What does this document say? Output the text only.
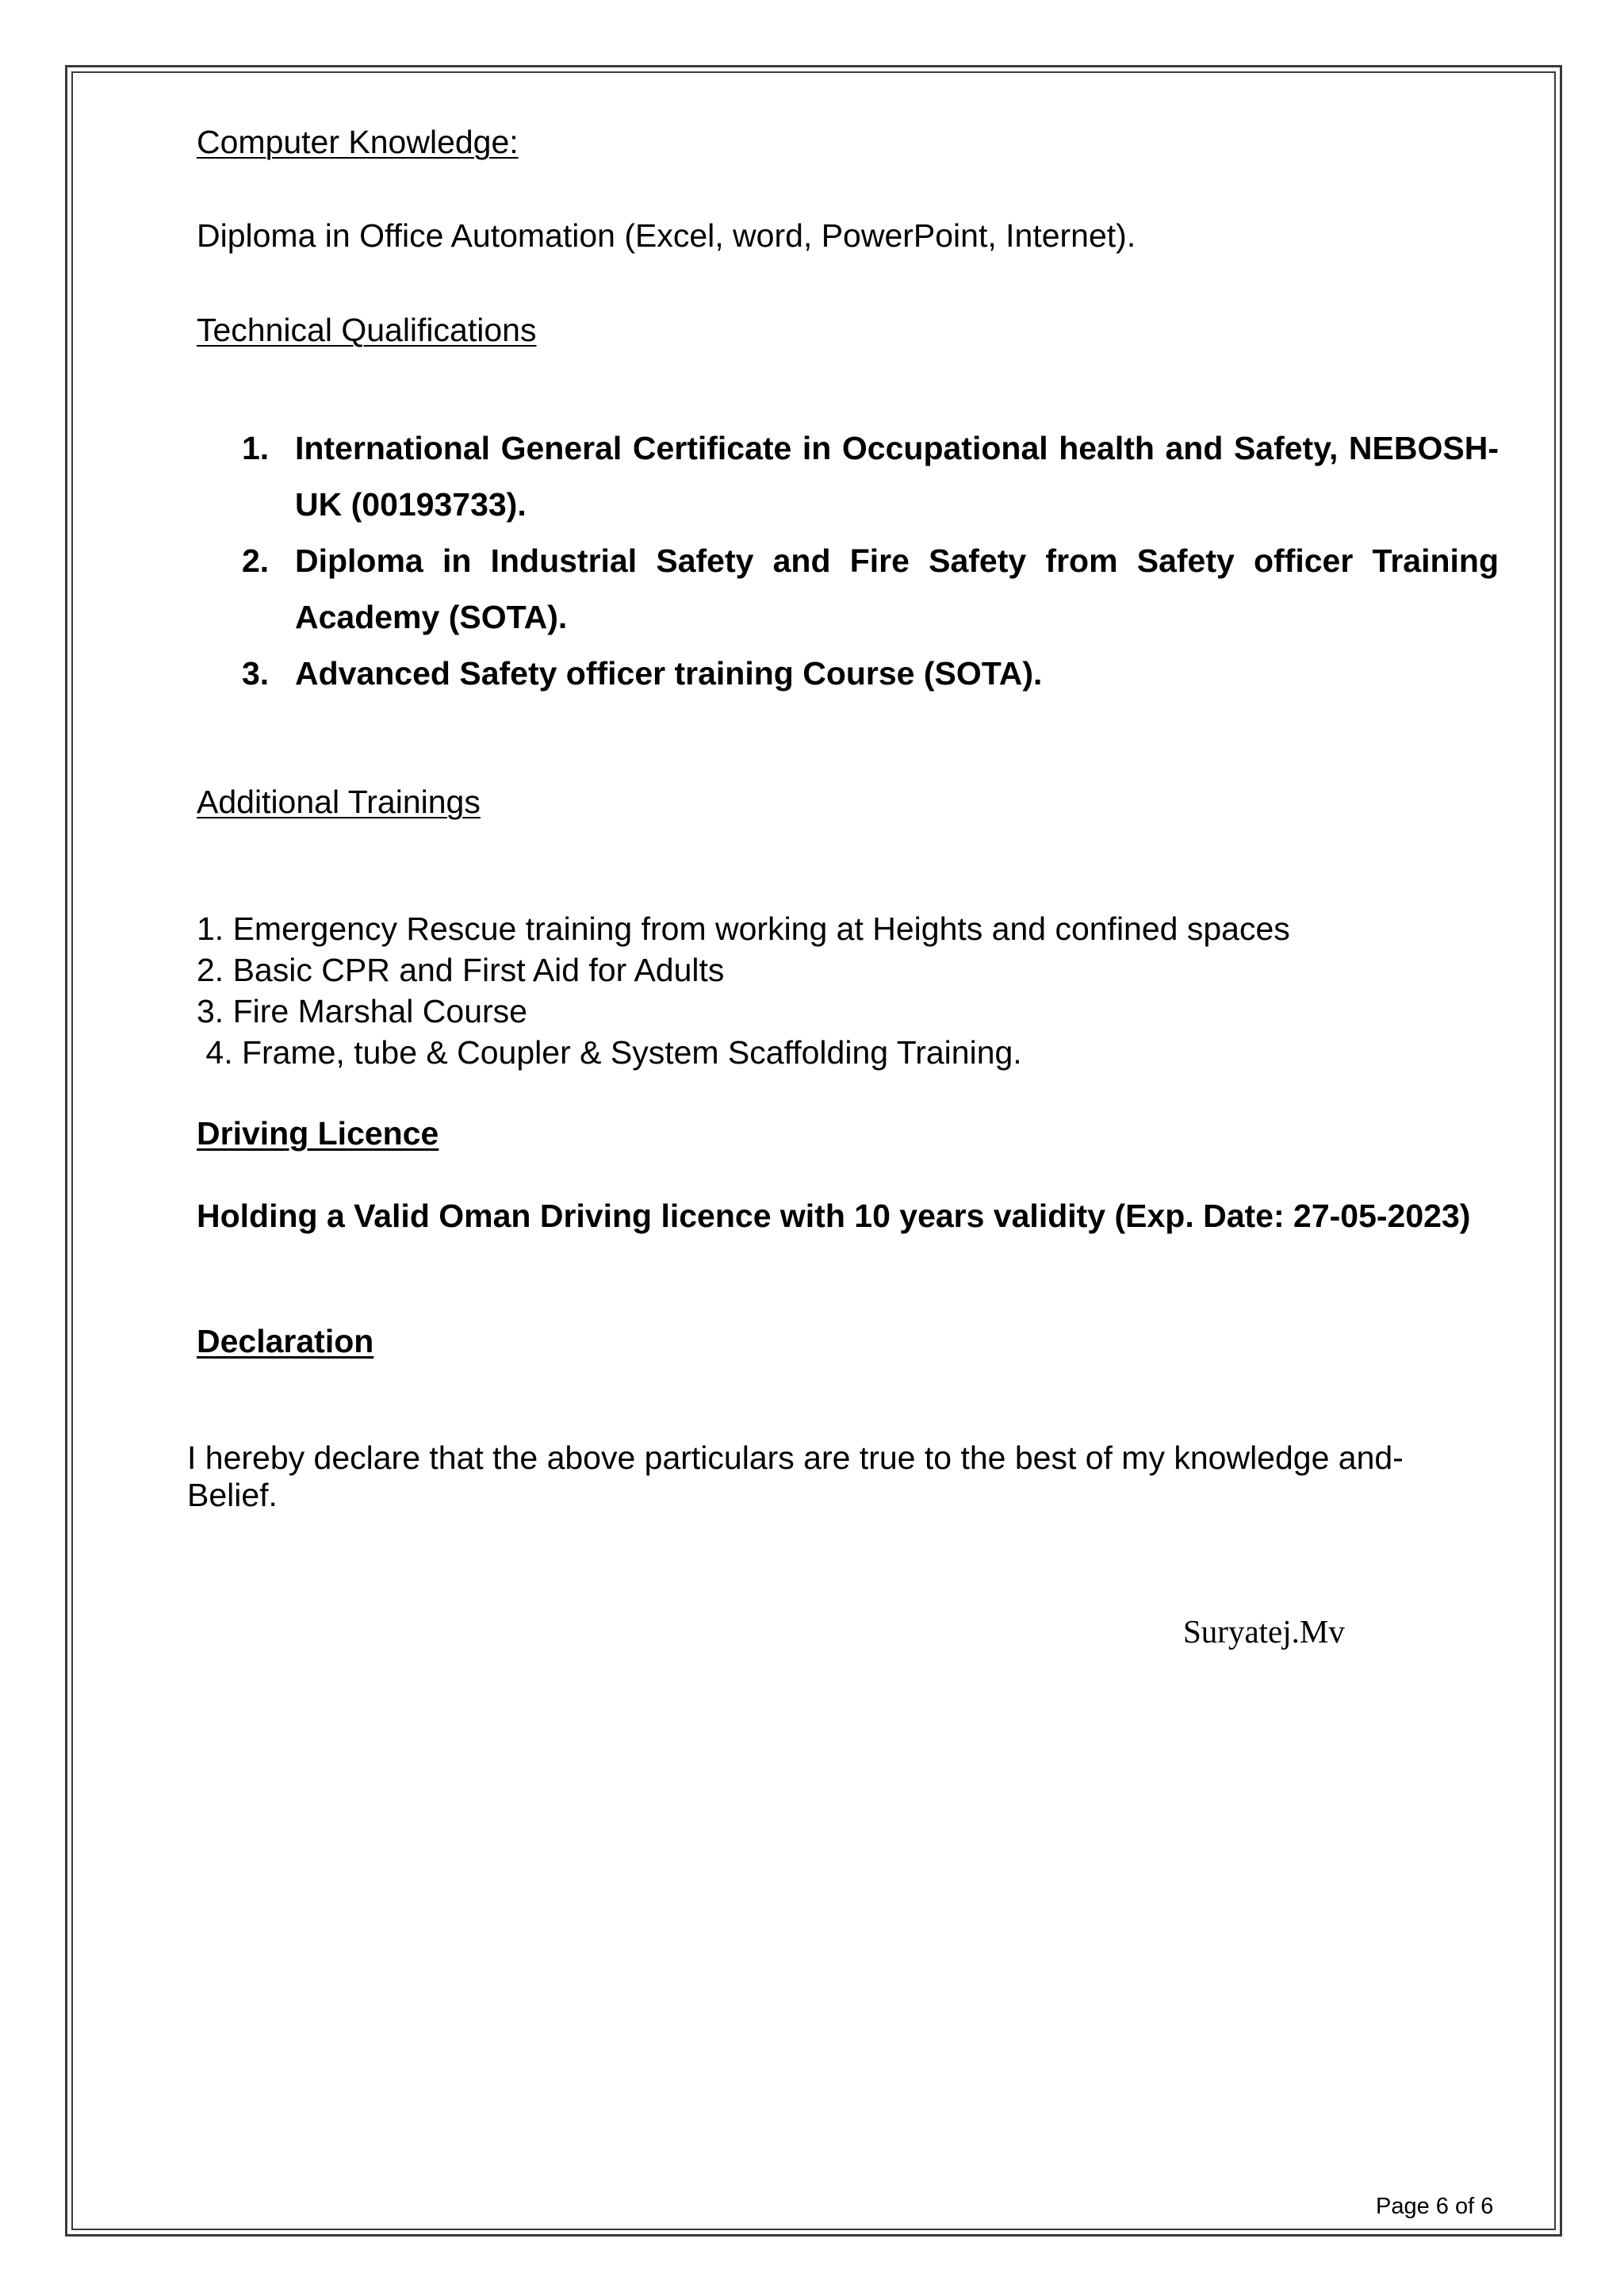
Computer Knowledge:
Diploma in Office Automation (Excel, word, PowerPoint, Internet).
Technical Qualifications
1. International General Certificate in Occupational health and Safety, NEBOSH-UK (00193733).
2. Diploma in Industrial Safety and Fire Safety from Safety officer Training Academy (SOTA).
3. Advanced Safety officer training Course (SOTA).
Additional Trainings
1. Emergency Rescue training from working at Heights and confined spaces
2. Basic CPR and First Aid for Adults
3. Fire Marshal Course
4. Frame, tube & Coupler & System Scaffolding Training.
Driving Licence
Holding a Valid Oman Driving licence with 10 years validity (Exp. Date: 27-05-2023)
Declaration
I hereby declare that the above particulars are true to the best of my knowledge and-
Belief.
Suryatej.Mv
Page 6 of 6
